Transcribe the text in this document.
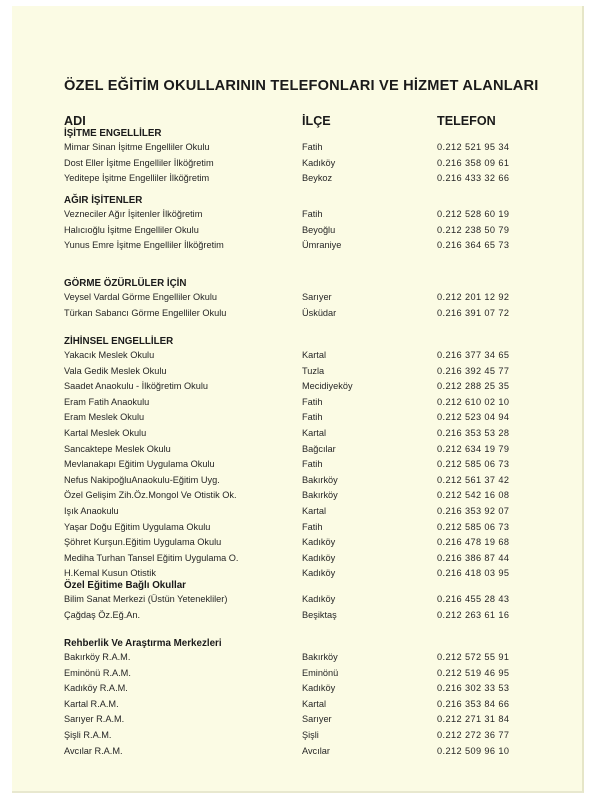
ÖZEL EĞİTİM OKULLARININ TELEFONLARI VE HİZMET ALANLARI
ADI	İLÇE	TELEFON
İŞİTME ENGELLİLER
Mimar Sinan İşitme Engelliler Okulu	Fatih	0.212 521 95 34
Dost Eller İşitme Engelliler İlköğretim	Kadıköy	0.216 358 09 61
Yeditepe İşitme Engelliler İlköğretim	Beykoz	0.216 433 32 66
AĞIR İŞİTENLER
Vezneciler Ağır İşitenler İlköğretim	Fatih	0.212 528 60 19
Halıcıoğlu İşitme Engelliler Okulu	Beyoğlu	0.212 238 50 79
Yunus Emre İşitme Engelliler İlköğretim	Ümraniye	0.216 364 65 73
GÖRME ÖZÜRLÜLER İÇİN
Veysel Vardal Görme Engelliler Okulu	Sarıyer	0.212 201 12 92
Türkan Sabancı Görme Engelliler Okulu	Üsküdar	0.216 391 07 72
ZİHİNSEL ENGELLİLER
Yakacık Meslek Okulu	Kartal	0.216 377 34 65
Vala Gedik Meslek Okulu	Tuzla	0.216 392 45 77
Saadet Anaokulu - İlköğretim Okulu	Mecidiyeköy	0.212 288 25 35
Eram Fatih Anaokulu	Fatih	0.212 610 02 10
Eram Meslek Okulu	Fatih	0.212 523 04 94
Kartal Meslek Okulu	Kartal	0.216 353 53 28
Sancaktepe Meslek Okulu	Bağcılar	0.212 634 19 79
Mevlanakapı Eğitim Uygulama Okulu	Fatih	0.212 585 06 73
Nefus NakipoğluAnaokulu-Eğitim Uyg.	Bakırköy	0.212 561 37 42
Özel Gelişim Zih.Öz.Mongol Ve Otistik Ok.	Bakırköy	0.212 542 16 08
Işık Anaokulu	Kartal	0.216 353 92 07
Yaşar Doğu Eğitim Uygulama Okulu	Fatih	0.212 585 06 73
Şöhret Kurşun.Eğitim Uygulama Okulu	Kadıköy	0.216 478 19 68
Mediha Turhan Tansel Eğitim Uygulama O.	Kadıköy	0.216 386 87 44
H.Kemal Kusun Otistik	Kadıköy	0.216 418 03 95
Özel Eğitime Bağlı Okullar
Bilim Sanat Merkezi (Üstün Yetenekliler)	Kadıköy	0.216 455 28 43
Çağdaş Öz.Eğ.An.	Beşiktaş	0.212 263 61 16
Rehberlik Ve Araştırma Merkezleri
Bakırköy R.A.M.	Bakırköy	0.212 572 55 91
Eminönü R.A.M.	Eminönü	0.212 519 46 95
Kadıköy R.A.M.	Kadıköy	0.216 302 33 53
Kartal R.A.M.	Kartal	0.216 353 84 66
Sarıyer R.A.M.	Sarıyer	0.212 271 31 84
Şişli R.A.M.	Şişli	0.212 272 36 77
Avcılar R.A.M.	Avcılar	0.212 509 96 10
